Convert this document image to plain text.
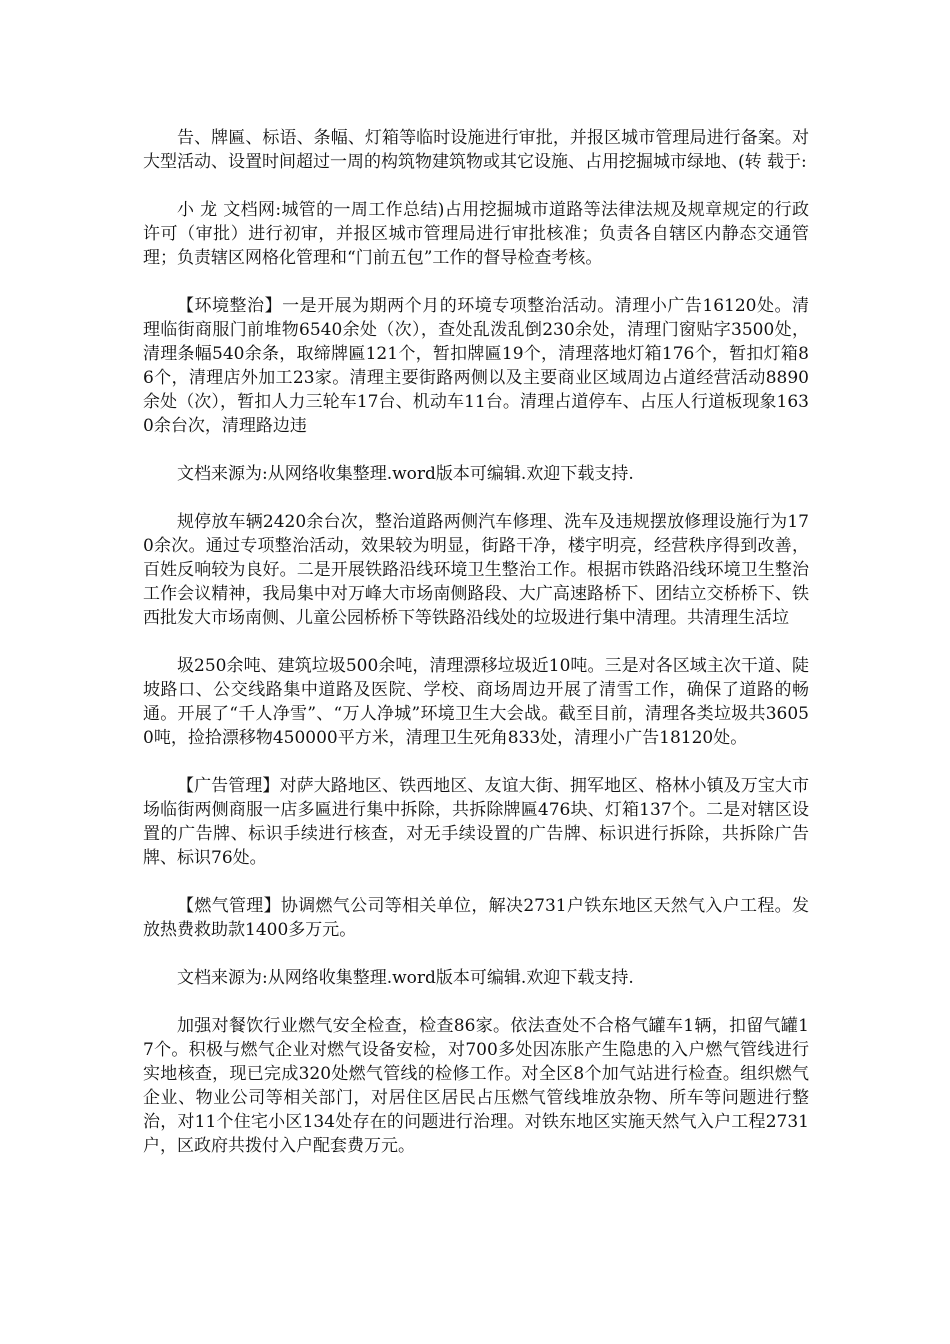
告、牌匾、标语、条幅、灯箱等临时设施进行审批，并报区城市管理局进行备案。对大型活动、设置时间超过一周的构筑物建筑物或其它设施、占用挖掘城市绿地、(转 载于:

小 龙 文档网:城管的一周工作总结)占用挖掘城市道路等法律法规及规章规定的行政许可（审批）进行初审，并报区城市管理局进行审批核准；负责各自辖区内静态交通管理；负责辖区网格化管理和“门前五包”工作的督导检查考核。

【环境整治】一是开展为期两个月的环境专项整治活动。清理小广告16120处。清理临街商服门前堆物6540余处（次），查处乱泼乱倒230余处，清理门窗贴字3500处，清理条幅540余条，取缔牌匾121个，暂扣牌匾19个，清理落地灯箱176个，暂扣灯箱86个，清理店外加工23家。清理主要街路两侧以及主要商业区域周边占道经营活动8890余处（次），暂扣人力三轮车17台、机动车11台。清理占道停车、占压人行道板现象1630余台次，清理路边违

文档来源为:从网络收集整理.word版本可编辑.欢迎下载支持.

规停放车辆2420余台次，整治道路两侧汽车修理、洗车及违规摆放修理设施行为170余次。通过专项整治活动，效果较为明显，街路干净，楼宇明亮，经营秩序得到改善，百姓反响较为良好。二是开展铁路沿线环境卫生整治工作。根据市铁路沿线环境卫生整治工作会议精神，我局集中对万峰大市场南侧路段、大广高速路桥下、团结立交桥桥下、铁西批发大市场南侧、儿童公园桥桥下等铁路沿线处的垃圾进行集中清理。共清理生活垃

圾250余吨、建筑垃圾500余吨，清理漂移垃圾近10吨。三是对各区域主次干道、陡坡路口、公交线路集中道路及医院、学校、商场周边开展了清雪工作，确保了道路的畅通。开展了“千人净雪”、“万人净城”环境卫生大会战。截至目前，清理各类垃圾共36050吨，捡拾漂移物450000平方米，清理卫生死角833处，清理小广告18120处。

【广告管理】对萨大路地区、铁西地区、友谊大街、拥军地区、格林小镇及万宝大市场临街两侧商服一店多匾进行集中拆除，共拆除牌匾476块、灯箱137个。二是对辖区设置的广告牌、标识手续进行核查，对无手续设置的广告牌、标识进行拆除，共拆除广告牌、标识76处。

【燃气管理】协调燃气公司等相关单位，解决2731户铁东地区天然气入户工程。发放热费救助款1400多万元。

文档来源为:从网络收集整理.word版本可编辑.欢迎下载支持.

加强对餐饮行业燃气安全检查，检查86家。依法查处不合格气罐车1辆，扣留气罐17个。积极与燃气企业对燃气设备安检，对700多处因冻胀产生隐患的入户燃气管线进行实地核查，现已完成320处燃气管线的检修工作。对全区8个加气站进行检查。组织燃气企业、物业公司等相关部门，对居住区居民占压燃气管线堆放杂物、所车等问题进行整治，对11个住宅小区134处存在的问题进行治理。对铁东地区实施天然气入户工程2731户，区政府共拨付入户配套费万元。
